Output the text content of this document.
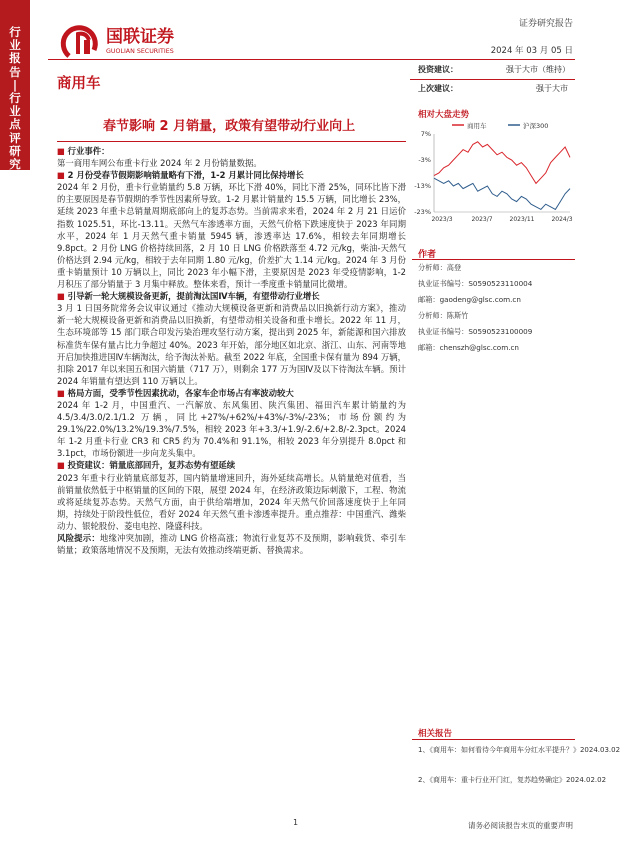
行业报告 | 行业点评研究
国联证券
GUOLIAN SECURITIES
证券研究报告
2024 年 03 月 05 日
商用车
春节影响 2 月销量，政策有望带动行业向上
投资建议：	强于大市（维持）
上次建议：	强于大市
相对大盘走势
商用车	沪深300
7%
-3%
-13%
-23%
2023/3	2023/7	2023/11	2024/3
作者
分析师：高登
执业证书编号：S0590523110004
邮箱：gaodeng@glsc.com.cn
分析师：陈斯竹
执业证书编号：S0590523100009
邮箱：chenszh@glsc.com.cn
相关报告
1、《商用车：如何看待今年商用车分红水平提升？》2024.03.02
2、《商用车：重卡行业开门红，复苏趋势确定》2024.02.02
■ 行业事件：

第一商用车网公布重卡行业 2024 年 2 月份销量数据。

■ 2 月份受春节假期影响销量略有下滑，1-2 月累计同比保持增长

2024 年 2 月份，重卡行业销量约 5.8 万辆，环比下滑 40%，同比下滑 25%，同环比皆下滑的主要原因是春节假期的季节性因素所导致。1-2 月累计销量约 15.5 万辆，同比增长 23%，延续 2023 年重卡总销量周期底部向上的复苏态势。当前需求来看，2024 年 2 月 21 日运价指数 1025.51，环比-13.11。天然气车渗透率方面，天然气价格下跌速度快于 2023 年同期水平，2024 年 1 月天然气重卡销量 5945 辆，渗透率达 17.6%，相较去年同期增长 9.8pct。2 月份 LNG 价格持续回落，2 月 10 日 LNG 价格跌落至 4.72 元/kg，柴油-天然气价格达到 2.94 元/kg，相较于去年同期 1.80 元/kg，价差扩大 1.14 元/kg。2024 年 3 月份重卡销量预计 10 万辆以上，同比 2023 年小幅下滑，主要原因是 2023 年受疫情影响，1-2 月积压了部分销量于 3 月集中释放。整体来看，预计一季度重卡销量同比微增。

■ 引导新一轮大规模设备更新，提前淘汰国Ⅳ车辆，有望带动行业增长

3 月 1 日国务院常务会议审议通过《推动大规模设备更新和消费品以旧换新行动方案》，推动新一轮大规模设备更新和消费品以旧换新，有望带动相关设备和重卡增长。2022 年 11 月，生态环境部等 15 部门联合印发污染治理攻坚行动方案，提出到 2025 年，新能源和国六排放标准货车保有量占比力争超过 40%。2023 年开始，部分地区如北京、浙江、山东、河南等地开启加快推进国Ⅳ车辆淘汰，给予淘汰补贴。截至 2022 年底，全国重卡保有量为 894 万辆，扣除 2017 年以来国五和国六销量（717 万），则剩余 177 万为国Ⅳ及以下待淘汰车辆。预计 2024 年销量有望达到 110 万辆以上。

■ 格局方面，受季节性因素扰动，各家车企市场占有率波动较大

2024 年 1-2 月，中国重汽、一汽解放、东风集团、陕汽集团、福田汽车累计销量约为 4.5/3.4/3.0/2.1/1.2 万辆，同比+27%/+62%/+43%/-3%/-23%；市场份额约为 29.1%/22.0%/13.2%/19.3%/7.5%，相较 2023 年+3.3/+1.9/-2.6/+2.8/-2.3pct。2024 年 1-2 月重卡行业 CR3 和 CR5 约为 70.4%和 91.1%，相较 2023 年分别提升 8.0pct 和 3.1pct，市场份额进一步向龙头集中。

■ 投资建议：销量底部回升，复苏态势有望延续

2023 年重卡行业销量底部复苏，国内销量增速回升，海外延续高增长。从销量绝对值看，当前销量依然低于中枢销量的区间的下限，展望 2024 年，在经济政策边际刺激下，工程、物流或将延续复苏态势。天然气方面，由于供给端增加，2024 年天然气价回落速度快于上年同期，持续处于阶段性低位，看好 2024 年天然气重卡渗透率提升。重点推荐：中国重汽、潍柴动力、银轮股份、菱电电控、隆盛科技。

风险提示：地缘冲突加剧，推动 LNG 价格高涨；物流行业复苏不及预期，影响载货、牵引车销量；政策落地情况不及预期，无法有效推动终端更新、替换需求。

1	请务必阅读报告末页的重要声明
